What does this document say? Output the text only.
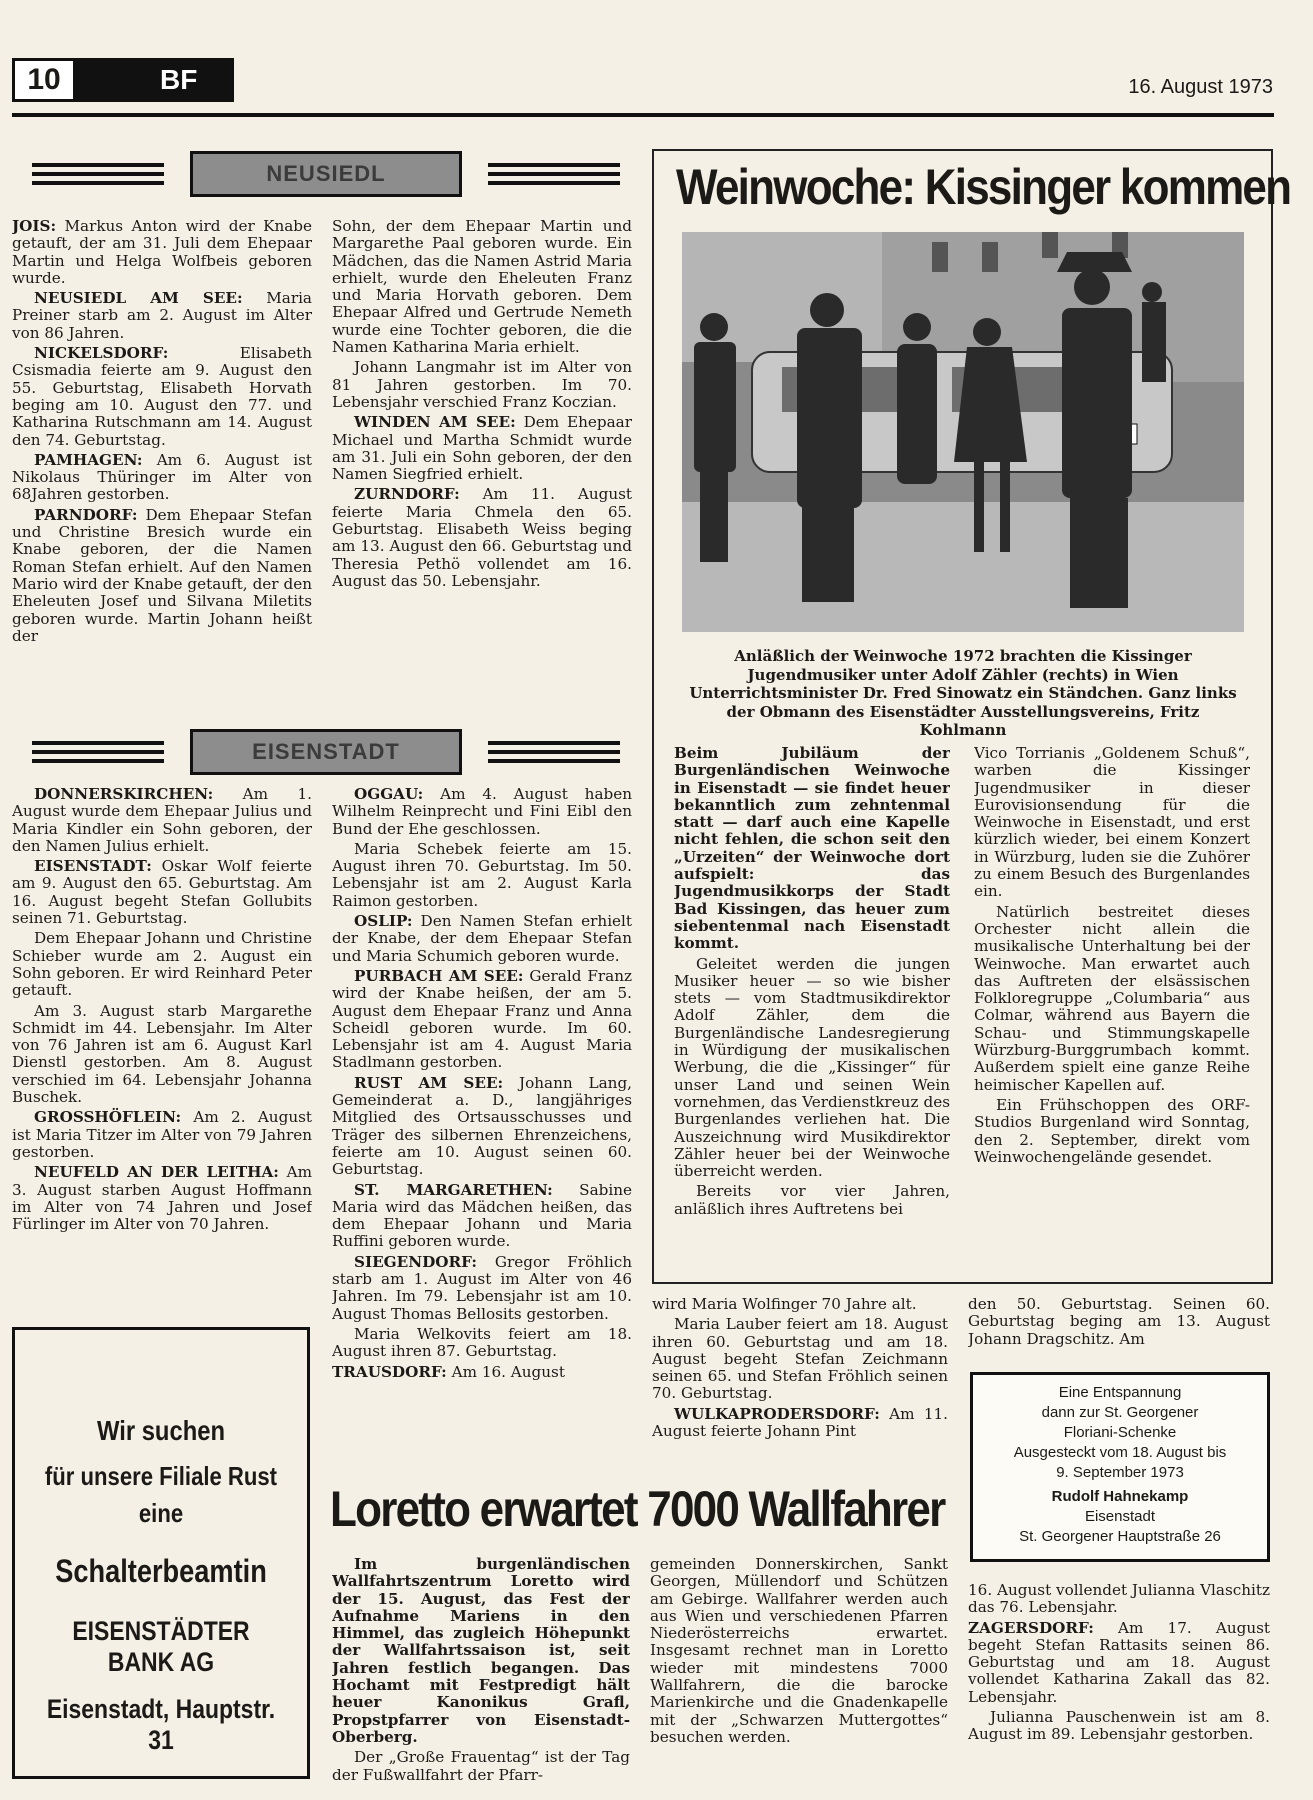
10	BF	16. August 1973
NEUSIEDL

JOIS: Markus Anton wird der Knabe getauft, der am 31. Juli dem Ehepaar Martin und Helga Wolfbeis geboren wurde.

NEUSIEDL AM SEE: Maria Preiner starb am 2. August im Alter von 86 Jahren.

NICKELSDORF: Elisabeth Csismadia feierte am 9. August den 55. Geburtstag, Elisabeth Horvath beging am 10. August den 77. und Katharina Rutschmann am 14. August den 74. Geburtstag.

PAMHAGEN: Am 6. August ist Nikolaus Thüringer im Alter von 68Jahren gestorben.

PARNDORF: Dem Ehepaar Stefan und Christine Bresich wurde ein Knabe geboren, der die Namen Roman Stefan erhielt. Auf den Namen Mario wird der Knabe getauft, der den Eheleuten Josef und Silvana Miletits geboren wurde. Martin Johann heißt der

Sohn, der dem Ehepaar Martin und Margarethe Paal geboren wurde. Ein Mädchen, das die Namen Astrid Maria erhielt, wurde den Eheleuten Franz und Maria Horvath geboren. Dem Ehepaar Alfred und Gertrude Nemeth wurde eine Tochter geboren, die die Namen Katharina Maria erhielt.

Johann Langmahr ist im Alter von 81 Jahren gestorben. Im 70. Lebensjahr verschied Franz Koczian.

WINDEN AM SEE: Dem Ehepaar Michael und Martha Schmidt wurde am 31. Juli ein Sohn geboren, der den Namen Siegfried erhielt.

ZURNDORF: Am 11. August feierte Maria Chmela den 65. Geburtstag. Elisabeth Weiss beging am 13. August den 66. Geburtstag und Theresia Pethö vollendet am 16. August das 50. Lebensjahr.

EISENSTADT

DONNERSKIRCHEN: Am 1. August wurde dem Ehepaar Julius und Maria Kindler ein Sohn geboren, der den Namen Julius erhielt.

EISENSTADT: Oskar Wolf feierte am 9. August den 65. Geburtstag. Am 16. August begeht Stefan Gollubits seinen 71. Geburtstag.

Dem Ehepaar Johann und Christine Schieber wurde am 2. August ein Sohn geboren. Er wird Reinhard Peter getauft.

Am 3. August starb Margarethe Schmidt im 44. Lebensjahr. Im Alter von 76 Jahren ist am 6. August Karl Dienstl gestorben. Am 8. August verschied im 64. Lebensjahr Johanna Buschek.

GROSSHÖFLEIN: Am 2. August ist Maria Titzer im Alter von 79 Jahren gestorben.

NEUFELD AN DER LEITHA: Am 3. August starben August Hoffmann im Alter von 74 Jahren und Josef Fürlinger im Alter von 70 Jahren.

OGGAU: Am 4. August haben Wilhelm Reinprecht und Fini Eibl den Bund der Ehe geschlossen.

Maria Schebek feierte am 15. August ihren 70. Geburtstag. Im 50. Lebensjahr ist am 2. August Karla Raimon gestorben.

OSLIP: Den Namen Stefan erhielt der Knabe, der dem Ehepaar Stefan und Maria Schumich geboren wurde.

PURBACH AM SEE: Gerald Franz wird der Knabe heißen, der am 5. August dem Ehepaar Franz und Anna Scheidl geboren wurde. Im 60. Lebensjahr ist am 4. August Maria Stadlmann gestorben.

RUST AM SEE: Johann Lang, Gemeinderat a. D., langjähriges Mitglied des Ortsausschusses und Träger des silbernen Ehrenzeichens, feierte am 10. August seinen 60. Geburtstag.

ST. MARGARETHEN: Sabine Maria wird das Mädchen heißen, das dem Ehepaar Johann und Maria Ruffini geboren wurde.

SIEGENDORF: Gregor Fröhlich starb am 1. August im Alter von 46 Jahren. Im 79. Lebensjahr ist am 10. August Thomas Bellosits gestorben.

Maria Welkovits feiert am 18. August ihren 87. Geburtstag.

TRAUSDORF: Am 16. August

Wir suchen
für unsere Filiale Rust
eine
Schalterbeamtin
EISENSTÄDTER BANK AG
Eisenstadt, Hauptstr. 31
Weinwoche: Kissinger kommen
Anläßlich der Weinwoche 1972 brachten die Kissinger Jugendmusiker unter Adolf Zähler (rechts) in Wien Unterrichtsminister Dr. Fred Sinowatz ein Ständchen. Ganz links der Obmann des Eisenstädter Ausstellungsvereins, Fritz Kohlmann

Beim Jubiläum der Burgenländischen Weinwoche in Eisenstadt — sie findet heuer bekanntlich zum zehntenmal statt — darf auch eine Kapelle nicht fehlen, die schon seit den „Urzeiten“ der Weinwoche dort aufspielt: das Jugendmusikkorps der Stadt Bad Kissingen, das heuer zum siebentenmal nach Eisenstadt kommt.

Geleitet werden die jungen Musiker heuer — so wie bisher stets — vom Stadtmusikdirektor Adolf Zähler, dem die Burgenländische Landesregierung in Würdigung der musikalischen Werbung, die die „Kissinger“ für unser Land und seinen Wein vornehmen, das Verdienstkreuz des Burgenlandes verliehen hat. Die Auszeichnung wird Musikdirektor Zähler heuer bei der Weinwoche überreicht werden.

Bereits vor vier Jahren, anläßlich ihres Auftretens bei

Vico Torrianis „Goldenem Schuß“, warben die Kissinger Jugendmusiker in dieser Eurovisionsendung für die Weinwoche in Eisenstadt, und erst kürzlich wieder, bei einem Konzert in Würzburg, luden sie die Zuhörer zu einem Besuch des Burgenlandes ein.

Natürlich bestreitet dieses Orchester nicht allein die musikalische Unterhaltung bei der Weinwoche. Man erwartet auch das Auftreten der elsässischen Folkloregruppe „Columbaria“ aus Colmar, während aus Bayern die Schau- und Stimmungskapelle Würzburg-Burggrumbach kommt. Außerdem spielt eine ganze Reihe heimischer Kapellen auf.

Ein Frühschoppen des ORF-Studios Burgenland wird Sonntag, den 2. September, direkt vom Weinwochengelände gesendet.

wird Maria Wolfinger 70 Jahre alt.

Maria Lauber feiert am 18. August ihren 60. Geburtstag und am 18. August begeht Stefan Zeichmann seinen 65. und Stefan Fröhlich seinen 70. Geburtstag.

WULKAPRODERSDORF: Am 11. August feierte Johann Pint

den 50. Geburtstag. Seinen 60. Geburtstag beging am 13. August Johann Dragschitz. Am

Eine Entspannung
dann zur St. Georgener
Floriani-Schenke
Ausgesteckt vom 18. August bis
9. September 1973
Rudolf Hahnekamp
Eisenstadt
St. Georgener Hauptstraße 26

16. August vollendet Julianna Vlaschitz das 76. Lebensjahr.

ZAGERSDORF: Am 17. August begeht Stefan Rattasits seinen 86. Geburtstag und am 18. August vollendet Katharina Zakall das 82. Lebensjahr.

Julianna Pauschenwein ist am 8. August im 89. Lebensjahr gestorben.

Loretto erwartet 7000 Wallfahrer

Im burgenländischen Wallfahrtszentrum Loretto wird der 15. August, das Fest der Aufnahme Mariens in den Himmel, das zugleich Höhepunkt der Wallfahrtssaison ist, seit Jahren festlich begangen. Das Hochamt mit Festpredigt hält heuer Kanonikus Grafl, Propstpfarrer von Eisenstadt-Oberberg.

Der „Große Frauentag“ ist der Tag der Fußwallfahrt der Pfarr-

gemeinden Donnerskirchen, Sankt Georgen, Müllendorf und Schützen am Gebirge. Wallfahrer werden auch aus Wien und verschiedenen Pfarren Niederösterreichs erwartet. Insgesamt rechnet man in Loretto wieder mit mindestens 7000 Wallfahrern, die die barocke Marienkirche und die Gnadenkapelle mit der „Schwarzen Muttergottes“ besuchen werden.
